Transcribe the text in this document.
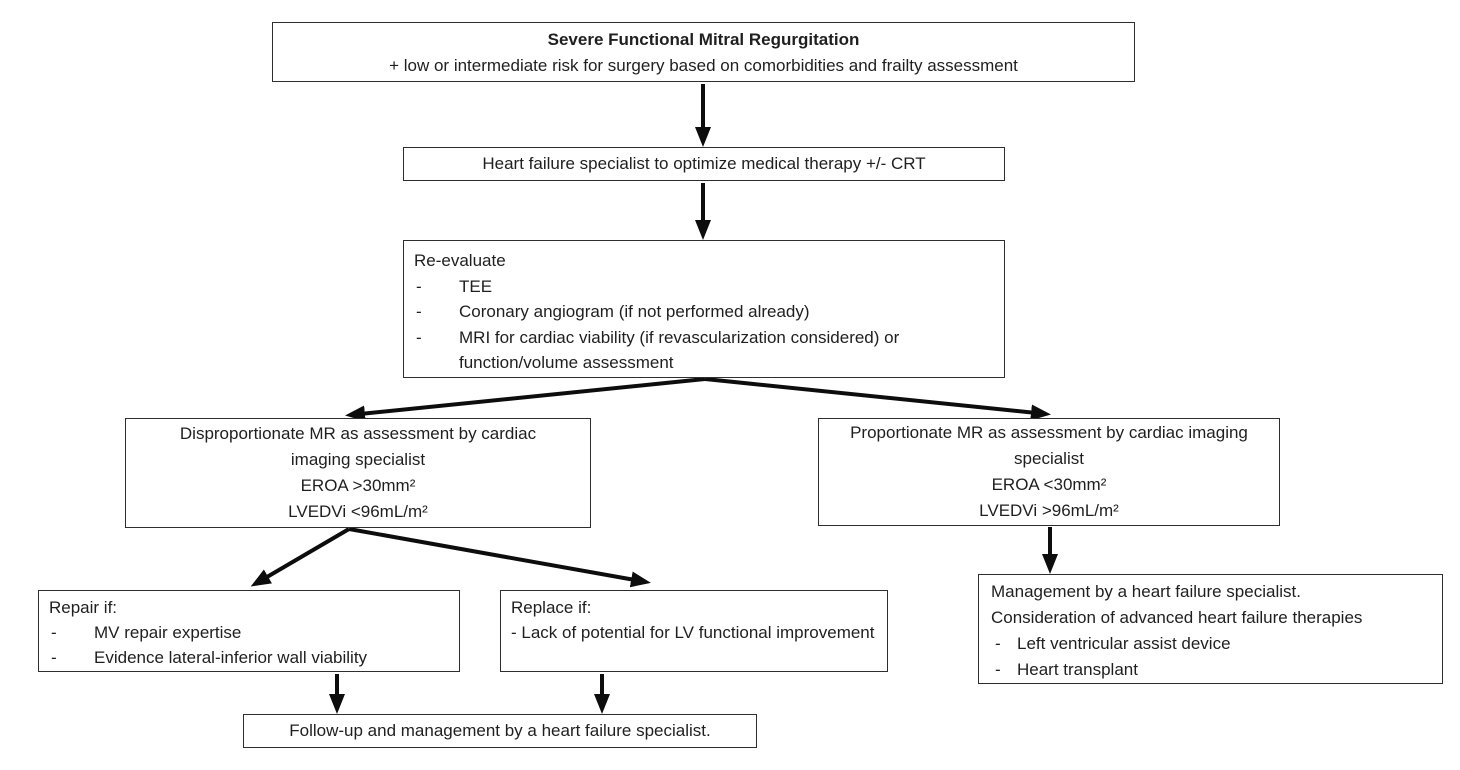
Severe Functional Mitral Regurgitation
+ low or intermediate risk for surgery based on comorbidities and frailty assessment
Heart failure specialist to optimize medical therapy +/- CRT
Re-evaluate
-	TEE
-	Coronary angiogram (if not performed already)
-	MRI for cardiac viability (if revascularization considered) or function/volume assessment
Disproportionate MR as assessment by cardiac
imaging specialist
EROA >30mm²
LVEDVi <96mL/m²
Proportionate MR as assessment by cardiac imaging
specialist
EROA <30mm²
LVEDVi >96mL/m²
Repair if:
-	MV repair expertise
-	Evidence lateral-inferior wall viability
Replace if:
- Lack of potential for LV functional improvement
Management by a heart failure specialist.
Consideration of advanced heart failure therapies
- Left ventricular assist device
- Heart transplant
Follow-up and management by a heart failure specialist.
